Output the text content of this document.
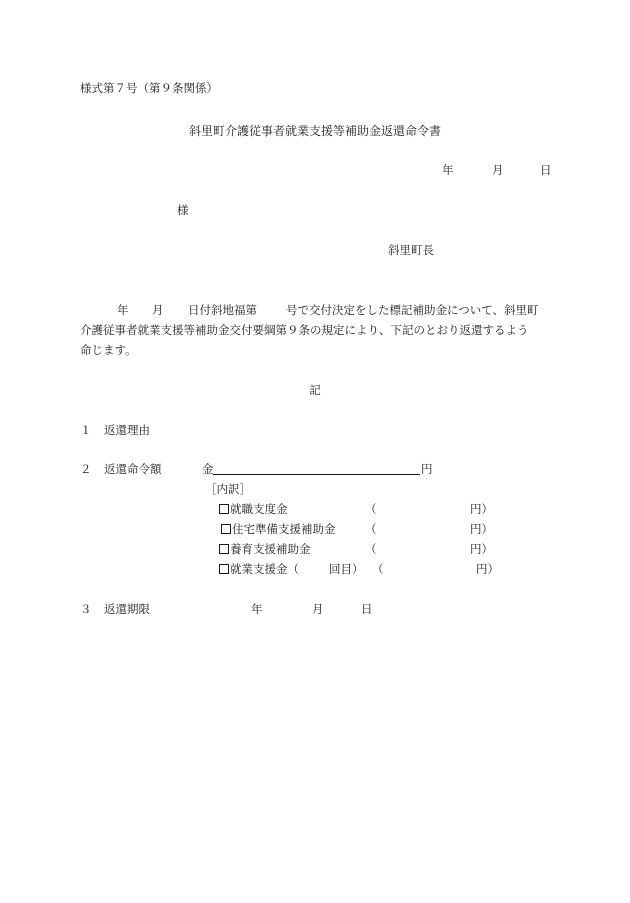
様式第７号（第９条関係）
斜里町介護従事者就業支援等補助金返還命令書
年	月	日
様
斜里町長
年 月 日付斜地福第	号で交付決定をした標記補助金について、斜里町
介護従事者就業支援等補助金交付要綱第９条の規定により、下記のとおり返還するよう
命じます。
記
１ 返還理由
２ 返還命令額	金	円
［内訳］
就職支度金	（	円）
住宅準備支援補助金	（	円）
養育支援補助金	（	円）
就業支援金（	回目） （	円）
３ 返還期限	年	月	日
